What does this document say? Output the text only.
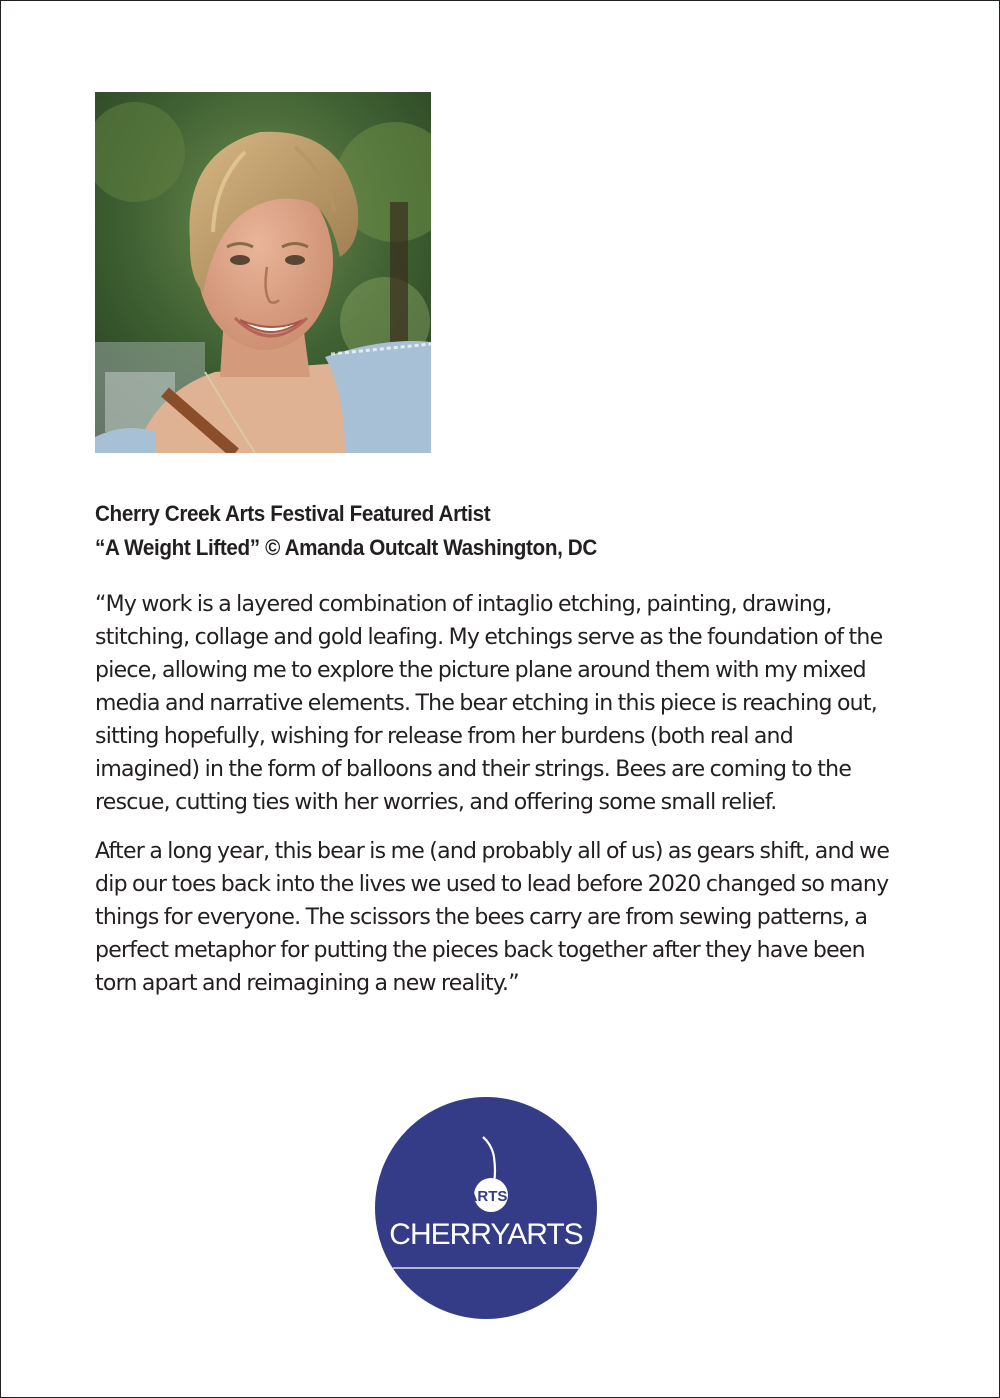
Cherry Creek Arts Festival Featured Artist
“A Weight Lifted” © Amanda Outcalt Washington, DC

“My work is a layered combination of intaglio etching, painting, drawing, stitching, collage and gold leafing. My etchings serve as the foundation of the piece, allowing me to explore the picture plane around them with my mixed media and narrative elements. The bear etching in this piece is reaching out, sitting hopefully, wishing for release from her burdens (both real and imagined) in the form of balloons and their strings. Bees are coming to the rescue, cutting ties with her worries, and offering some small relief.

After a long year, this bear is me (and probably all of us) as gears shift, and we dip our toes back into the lives we used to lead before 2020 changed so many things for everyone. The scissors the bees carry are from sewing patterns, a perfect metaphor for putting the pieces back together after they have been torn apart and reimagining a new reality.”

ARTS
CHERRYARTS
